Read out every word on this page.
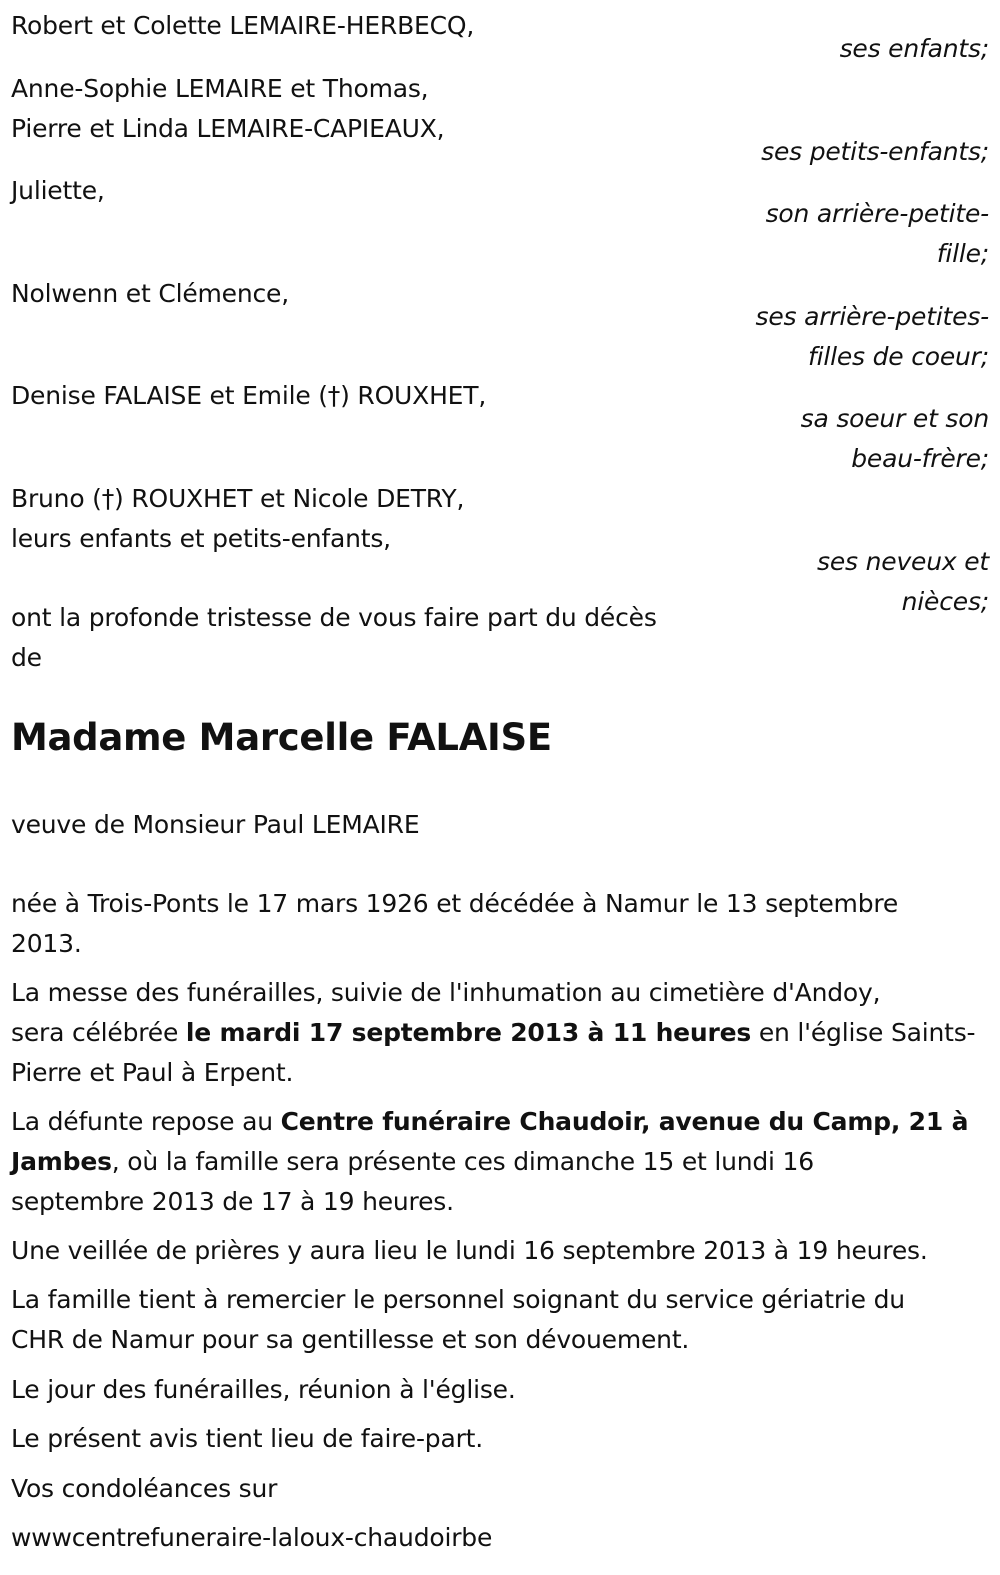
Robert et Colette LEMAIRE-HERBECQ,
Anne-Sophie LEMAIRE et Thomas,
Pierre et Linda LEMAIRE-CAPIEAUX,
Juliette,
Nolwenn et Clémence,
Denise FALAISE et Emile (†) ROUXHET,
Bruno (†) ROUXHET et Nicole DETRY,
leurs enfants et petits-enfants,
ses enfants;
ses petits-enfants;
son arrière-petite-
fille;
ses arrière-petites-
filles de coeur;
sa soeur et son
beau-frère;
ses neveux et
nièces;
ont la profonde tristesse de vous faire part du décès
de
Madame Marcelle FALAISE
veuve de Monsieur Paul LEMAIRE
née à Trois-Ponts le 17 mars 1926 et décédée à Namur le 13 septembre
2013.
La messe des funérailles, suivie de l'inhumation au cimetière d'Andoy,
sera célébrée le mardi 17 septembre 2013 à 11 heures en l'église Saints-
Pierre et Paul à Erpent.
La défunte repose au Centre funéraire Chaudoir, avenue du Camp, 21 à
Jambes, où la famille sera présente ces dimanche 15 et lundi 16
septembre 2013 de 17 à 19 heures.
Une veillée de prières y aura lieu le lundi 16 septembre 2013 à 19 heures.
La famille tient à remercier le personnel soignant du service gériatrie du
CHR de Namur pour sa gentillesse et son dévouement.
Le jour des funérailles, réunion à l'église.
Le présent avis tient lieu de faire-part.
Vos condoléances sur
wwwcentrefuneraire-laloux-chaudoirbe
